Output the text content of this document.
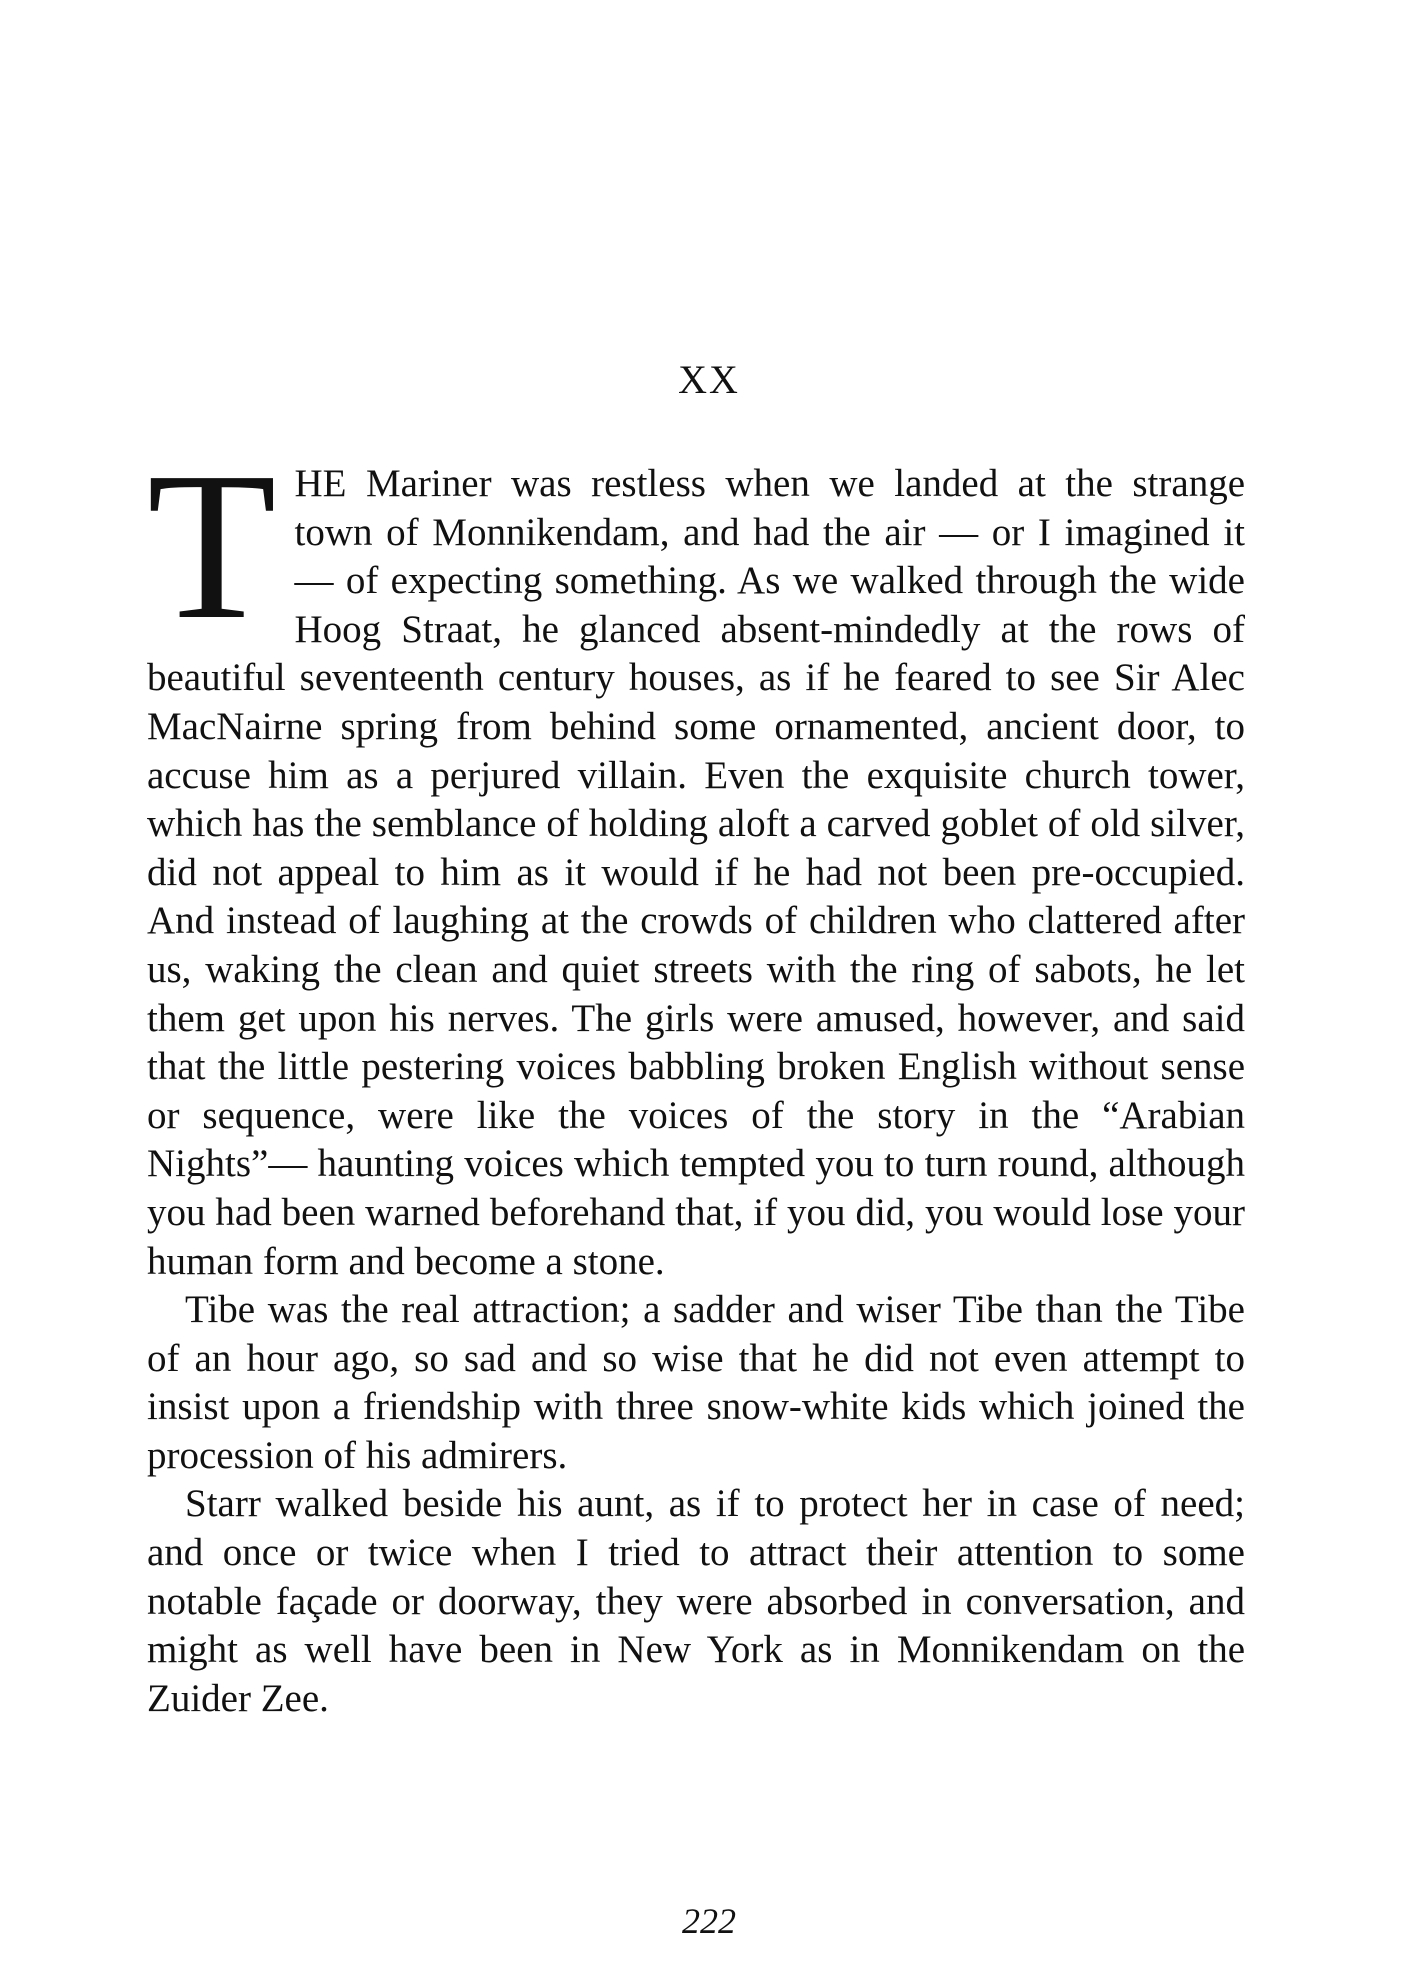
XX

THE Mariner was restless when we landed at the strange town of Monnikendam, and had the air — or I imagined it — of expecting something. As we walked through the wide Hoog Straat, he glanced absent-mindedly at the rows of beautiful seventeenth century houses, as if he feared to see Sir Alec MacNairne spring from behind some ornamented, ancient door, to accuse him as a perjured villain. Even the exquisite church tower, which has the semblance of holding aloft a carved goblet of old silver, did not appeal to him as it would if he had not been pre-occupied. And instead of laughing at the crowds of children who clattered after us, waking the clean and quiet streets with the ring of sabots, he let them get upon his nerves. The girls were amused, however, and said that the little pestering voices babbling broken English without sense or sequence, were like the voices of the story in the “Arabian Nights”— haunting voices which tempted you to turn round, although you had been warned beforehand that, if you did, you would lose your human form and become a stone.

Tibe was the real attraction; a sadder and wiser Tibe than the Tibe of an hour ago, so sad and so wise that he did not even attempt to insist upon a friendship with three snow-white kids which joined the procession of his admirers.

Starr walked beside his aunt, as if to protect her in case of need; and once or twice when I tried to attract their attention to some notable façade or doorway, they were absorbed in conversation, and might as well have been in New York as in Monnikendam on the Zuider Zee.

222
